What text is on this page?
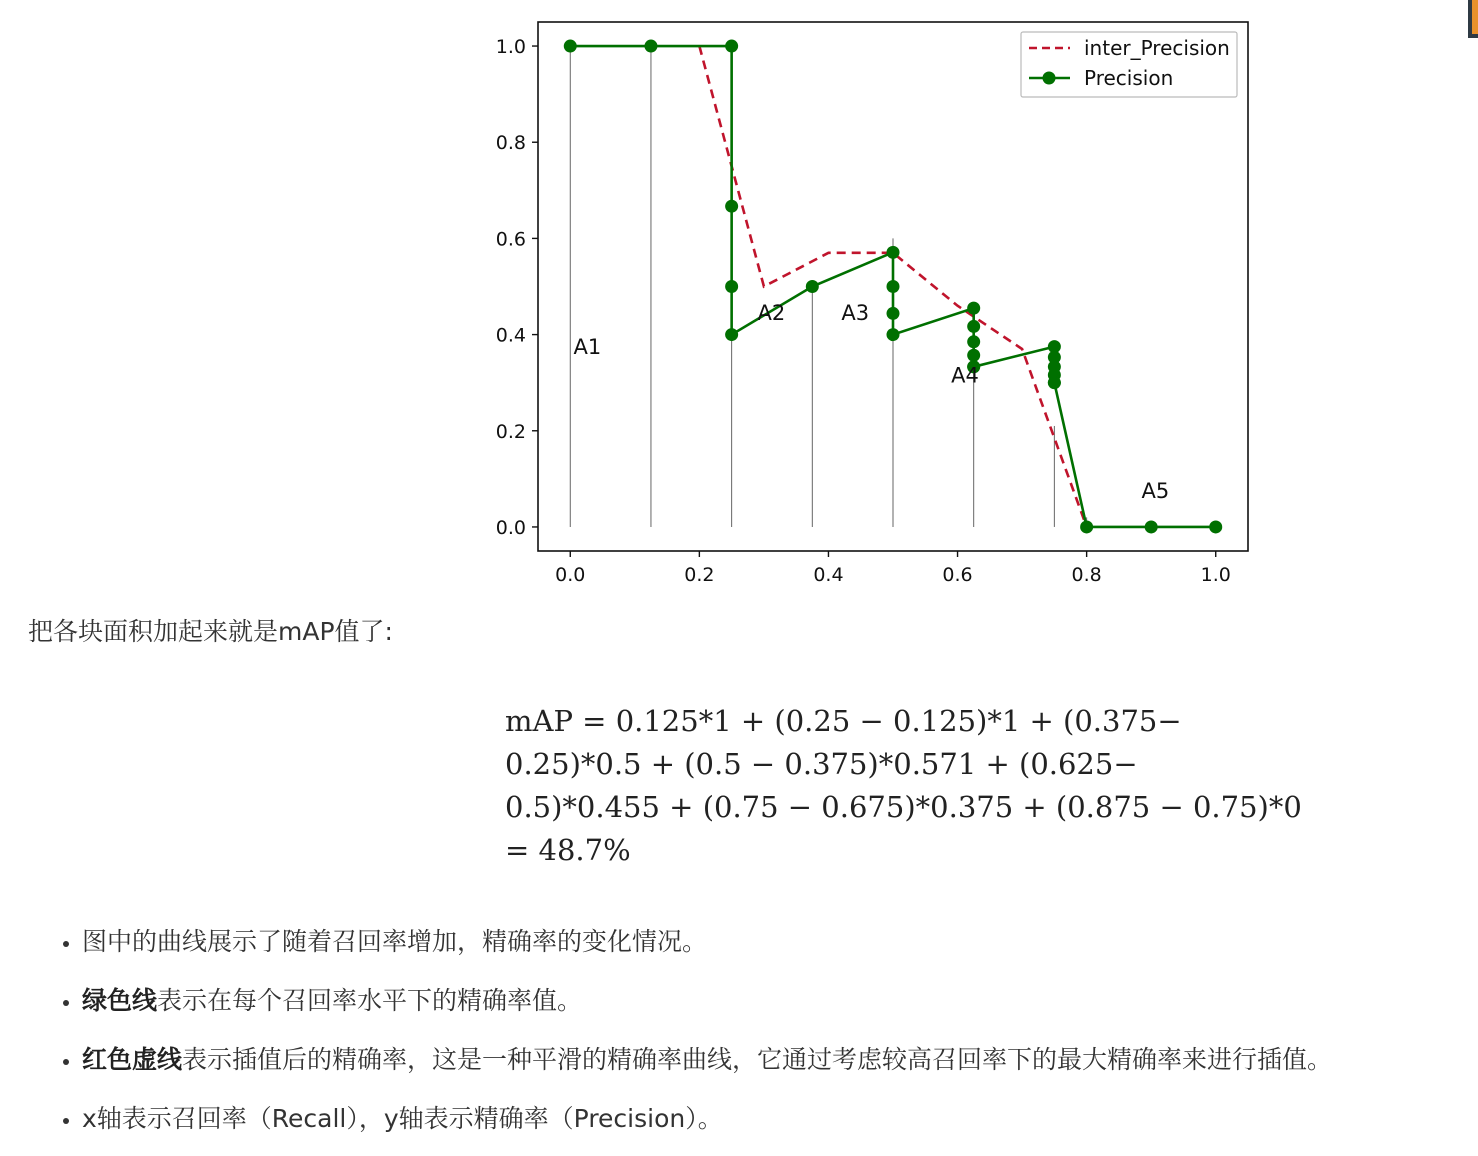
0.0	0.2	0.4	0.6	0.8	1.0
0.0
0.2
0.4
0.6
0.8
1.0
A1
A2	A3
A4
A5
inter_Precision
Precision
把各块面积加起来就是mAP值了:
mAP = 0.125*1 + (0.25 − 0.125)*1 + (0.375−
0.25)*0.5 + (0.5 − 0.375)*0.571 + (0.625−
0.5)*0.455 + (0.75 − 0.675)*0.375 + (0.875 − 0.75)*0
= 48.7%
• 图中的曲线展示了随着召回率增加，精确率的变化情况。
• 绿色线表示在每个召回率水平下的精确率值。
• 红色虚线表示插值后的精确率，这是一种平滑的精确率曲线，它通过考虑较高召回率下的最大精确率来进行插值。
• x轴表示召回率（Recall），y轴表示精确率（Precision）。
